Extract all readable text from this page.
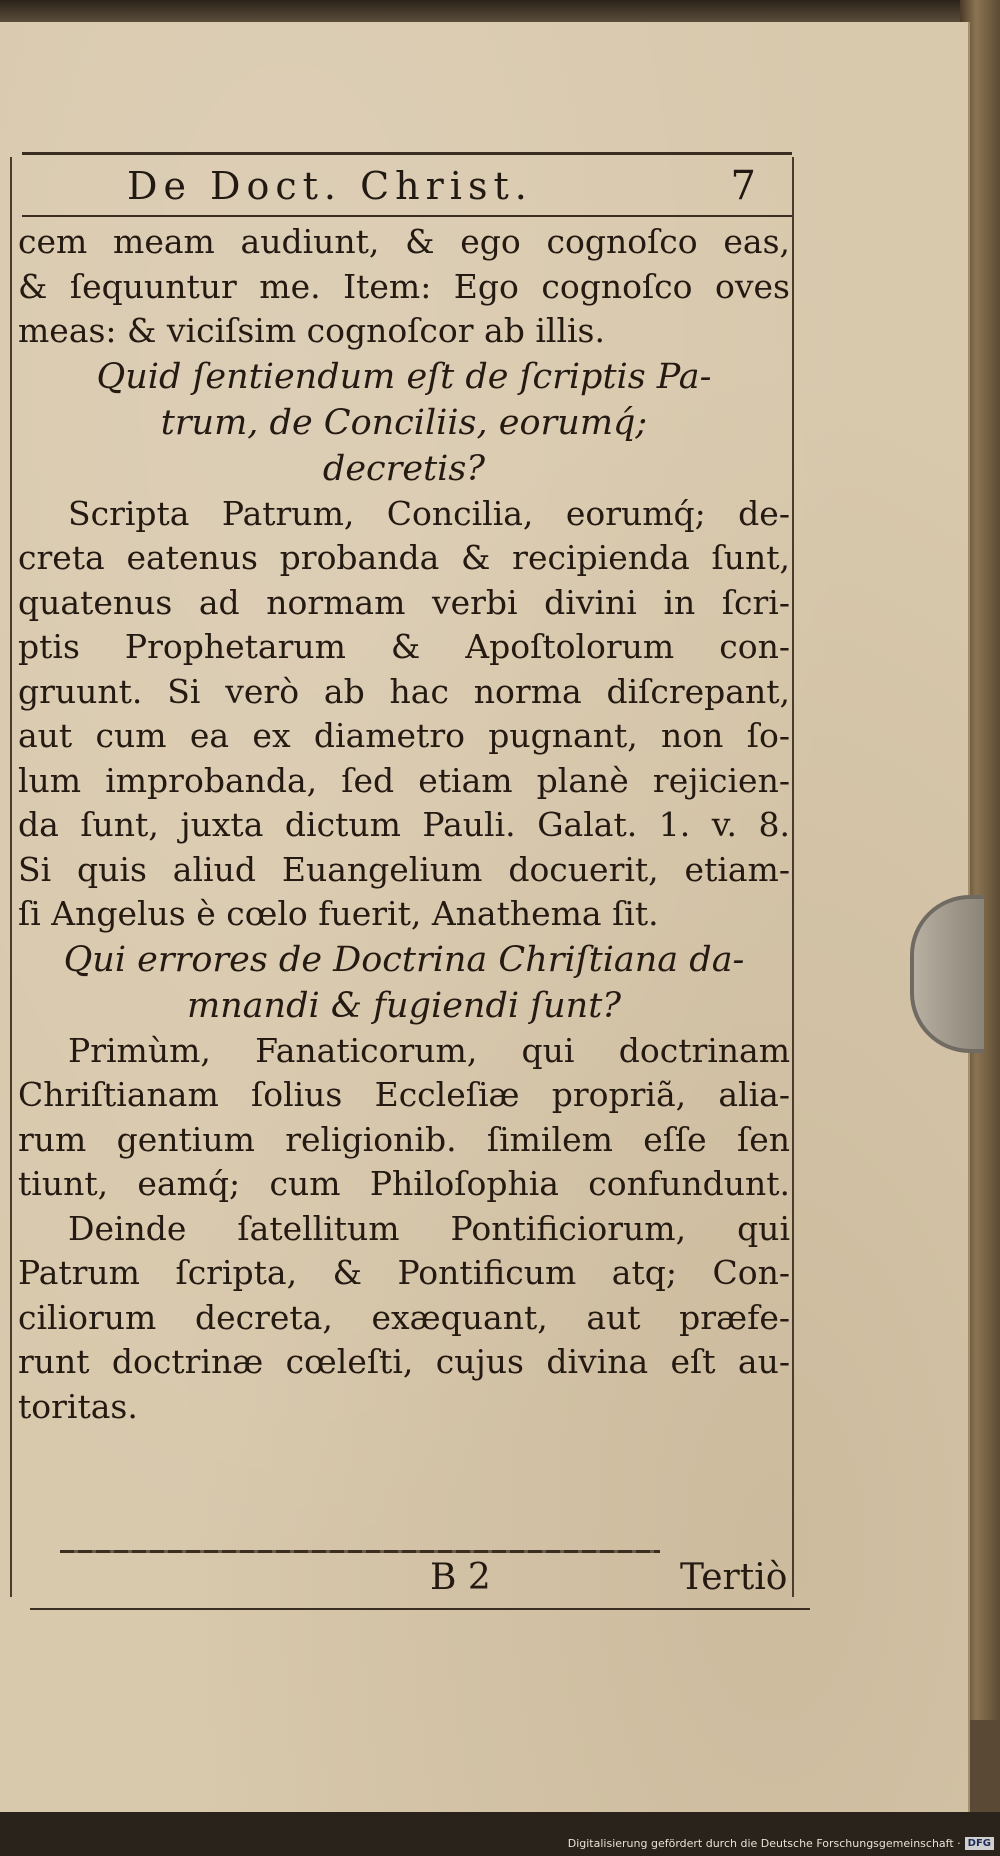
De Doct. Christ.	7
cem meam audiunt, & ego cognoſco eas,
& ſequuntur me. Item: Ego cognoſco oves
meas: & viciſsim cognoſcor ab illis.
Quid ſentiendum eſt de ſcriptis Pa-
trum, de Conciliis, eorumq́;
decretis?
Scripta Patrum, Concilia, eorumq́; de-
creta eatenus probanda & recipienda ſunt,
quatenus ad normam verbi divini in ſcri-
ptis Prophetarum & Apoſtolorum con-
gruunt. Si verò ab hac norma diſcrepant,
aut cum ea ex diametro pugnant, non ſo-
lum improbanda, ſed etiam planè rejicien-
da ſunt, juxta dictum Pauli. Galat. 1. v. 8.
Si quis aliud Euangelium docuerit, etiam-
ſi Angelus è cœlo fuerit, Anathema ſit.
Qui errores de Doctrina Chriſtiana da-
mnandi & fugiendi ſunt?
Primùm, Fanaticorum, qui doctrinam
Chriſtianam ſolius Eccleſiæ propriã, alia-
rum gentium religionib. ſimilem eſſe ſen
tiunt, eamq́; cum Philoſophia confundunt.
Deinde ſatellitum Pontificiorum, qui
Patrum ſcripta, & Pontificum atq; Con-
ciliorum decreta, exæquant, aut præfe-
runt doctrinæ cœleſti, cujus divina eſt au-
toritas.
B 2	Tertiò
Digitalisierung gefördert durch die Deutsche Forschungsgemeinschaft · DFG
